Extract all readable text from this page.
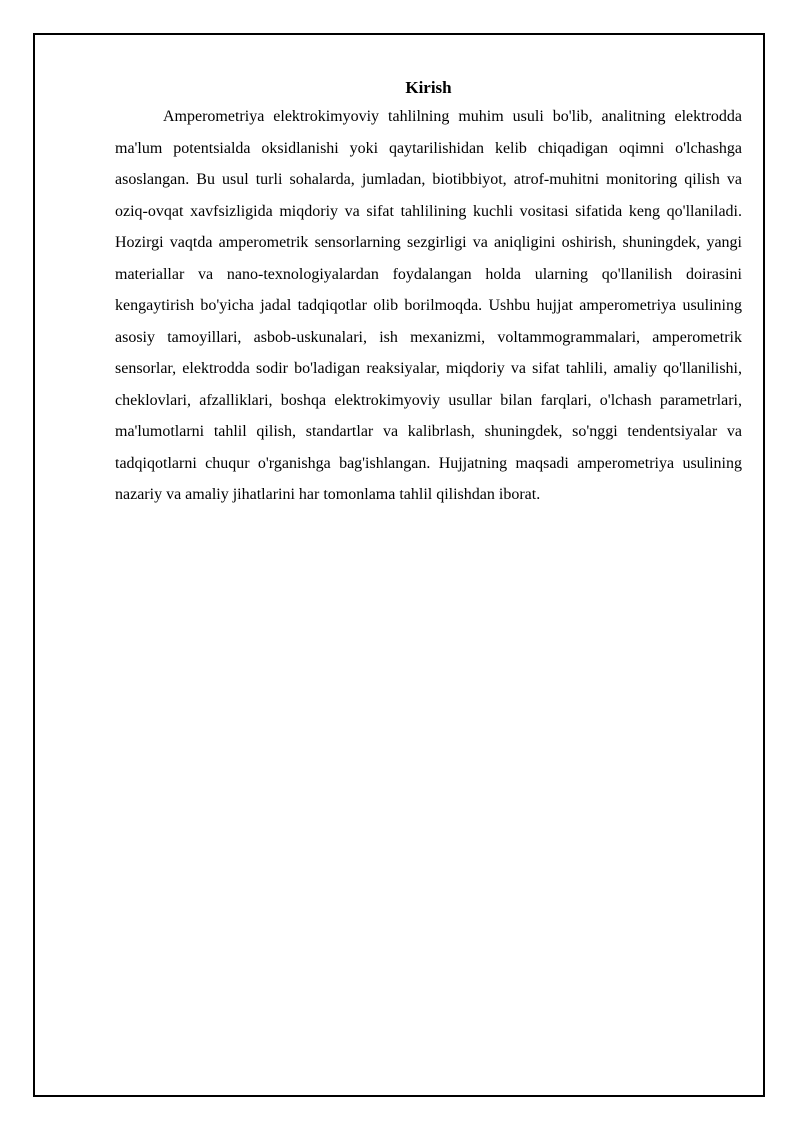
Kirish

Amperometriya elektrokimyoviy tahlilning muhim usuli bo'lib, analitning elektrodda ma'lum potentsialda oksidlanishi yoki qaytarilishidan kelib chiqadigan oqimni o'lchashga asoslangan. Bu usul turli sohalarda, jumladan, biotibbiyot, atrof-muhitni monitoring qilish va oziq-ovqat xavfsizligida miqdoriy va sifat tahlilining kuchli vositasi sifatida keng qo'llaniladi. Hozirgi vaqtda amperometrik sensorlarning sezgirligi va aniqligini oshirish, shuningdek, yangi materiallar va nano-texnologiyalardan foydalangan holda ularning qo'llanilish doirasini kengaytirish bo'yicha jadal tadqiqotlar olib borilmoqda. Ushbu hujjat amperometriya usulining asosiy tamoyillari, asbob-uskunalari, ish mexanizmi, voltammogrammalari, amperometrik sensorlar, elektrodda sodir bo'ladigan reaksiyalar, miqdoriy va sifat tahlili, amaliy qo'llanilishi, cheklovlari, afzalliklari, boshqa elektrokimyoviy usullar bilan farqlari, o'lchash parametrlari, ma'lumotlarni tahlil qilish, standartlar va kalibrlash, shuningdek, so'nggi tendentsiyalar va tadqiqotlarni chuqur o'rganishga bag'ishlangan. Hujjatning maqsadi amperometriya usulining nazariy va amaliy jihatlarini har tomonlama tahlil qilishdan iborat.
